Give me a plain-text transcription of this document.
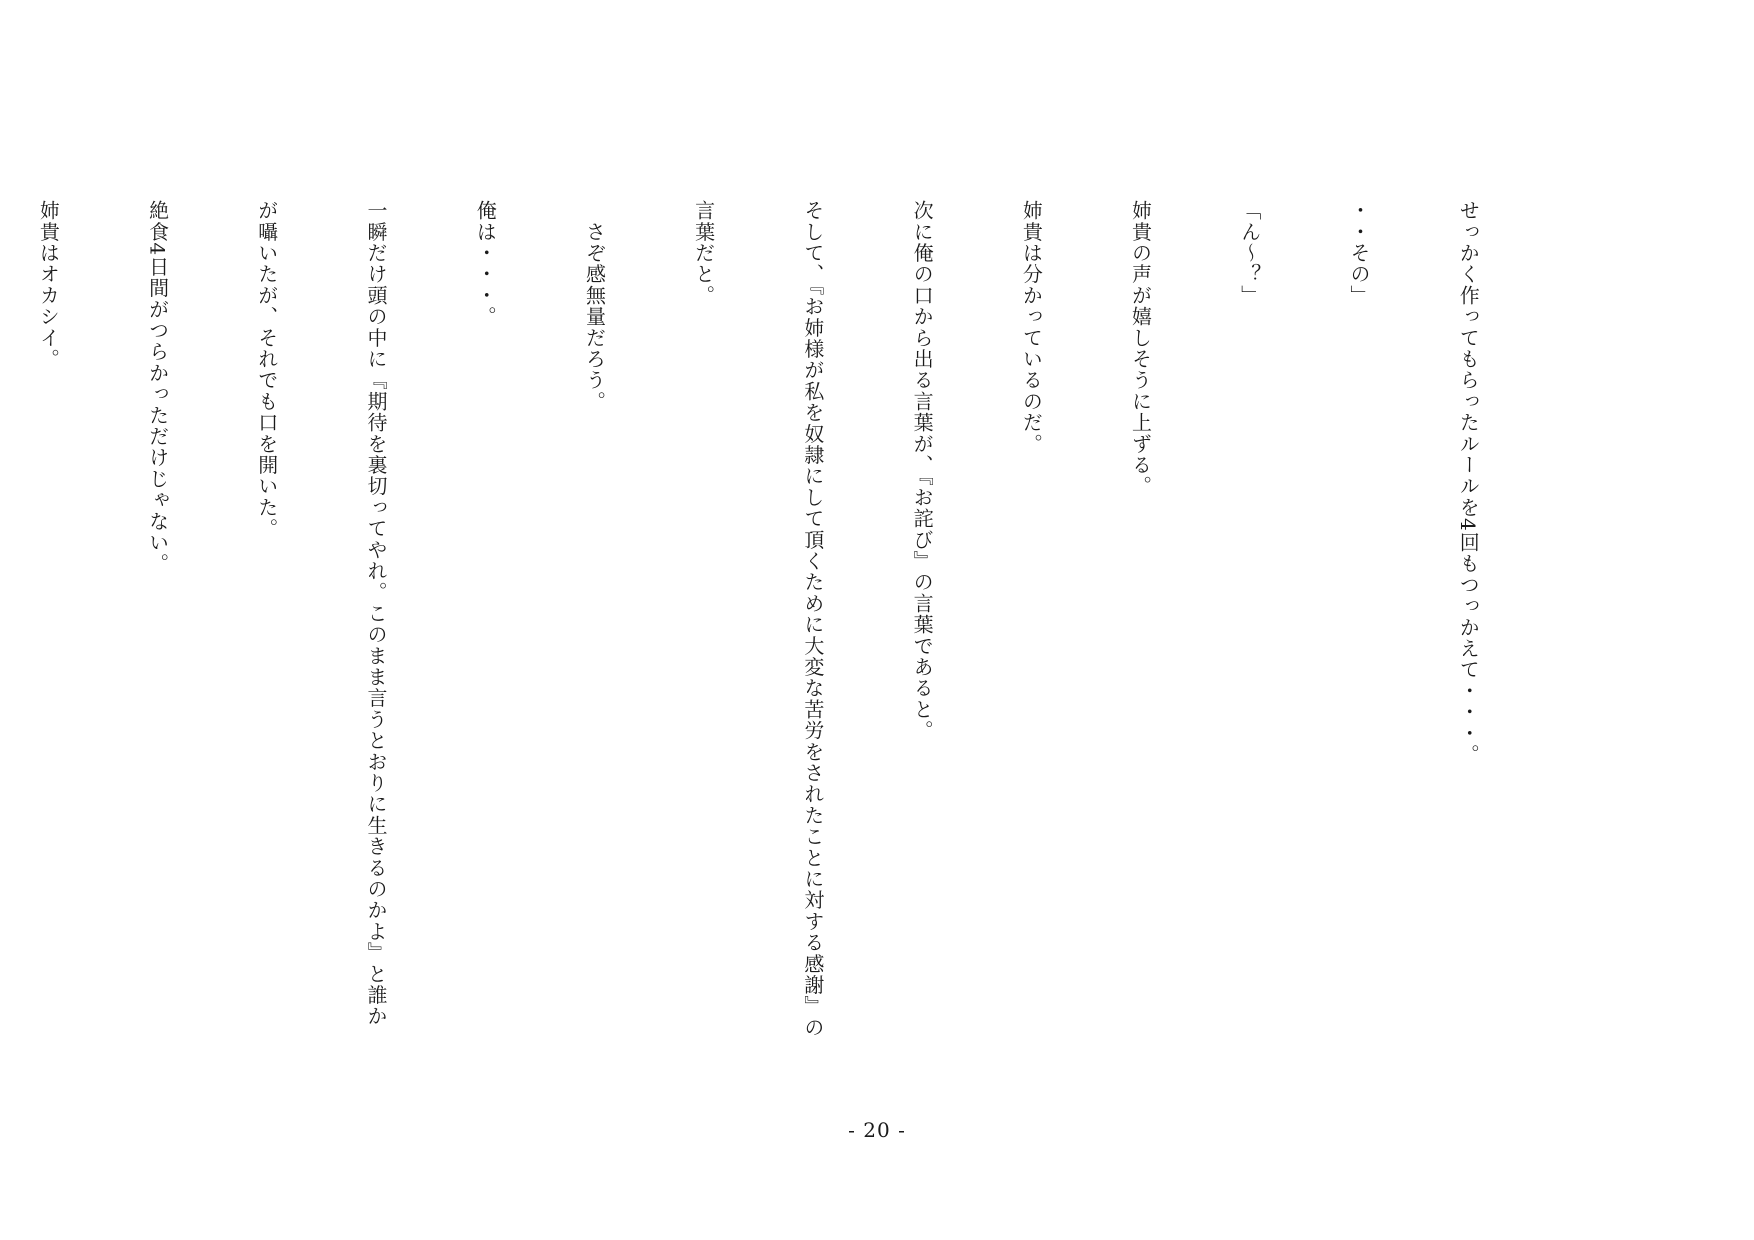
せっかく作ってもらったルールを4回もつっかえて・・・。

・・その」

「ん～？」

姉貴の声が嬉しそうに上ずる。

姉貴は分かっているのだ。

次に俺の口から出る言葉が、『お詫び』の言葉であると。

そして、『お姉様が私を奴隷にして頂くために大変な苦労をされたことに対する感謝』の

言葉だと。

　さぞ感無量だろう。

俺は・・・。

一瞬だけ頭の中に『期待を裏切ってやれ。このまま言うとおりに生きるのかよ』と誰か

が囁いたが、それでも口を開いた。

絶食4日間がつらかっただけじゃない。

姉貴はオカシイ。

- 20 -
